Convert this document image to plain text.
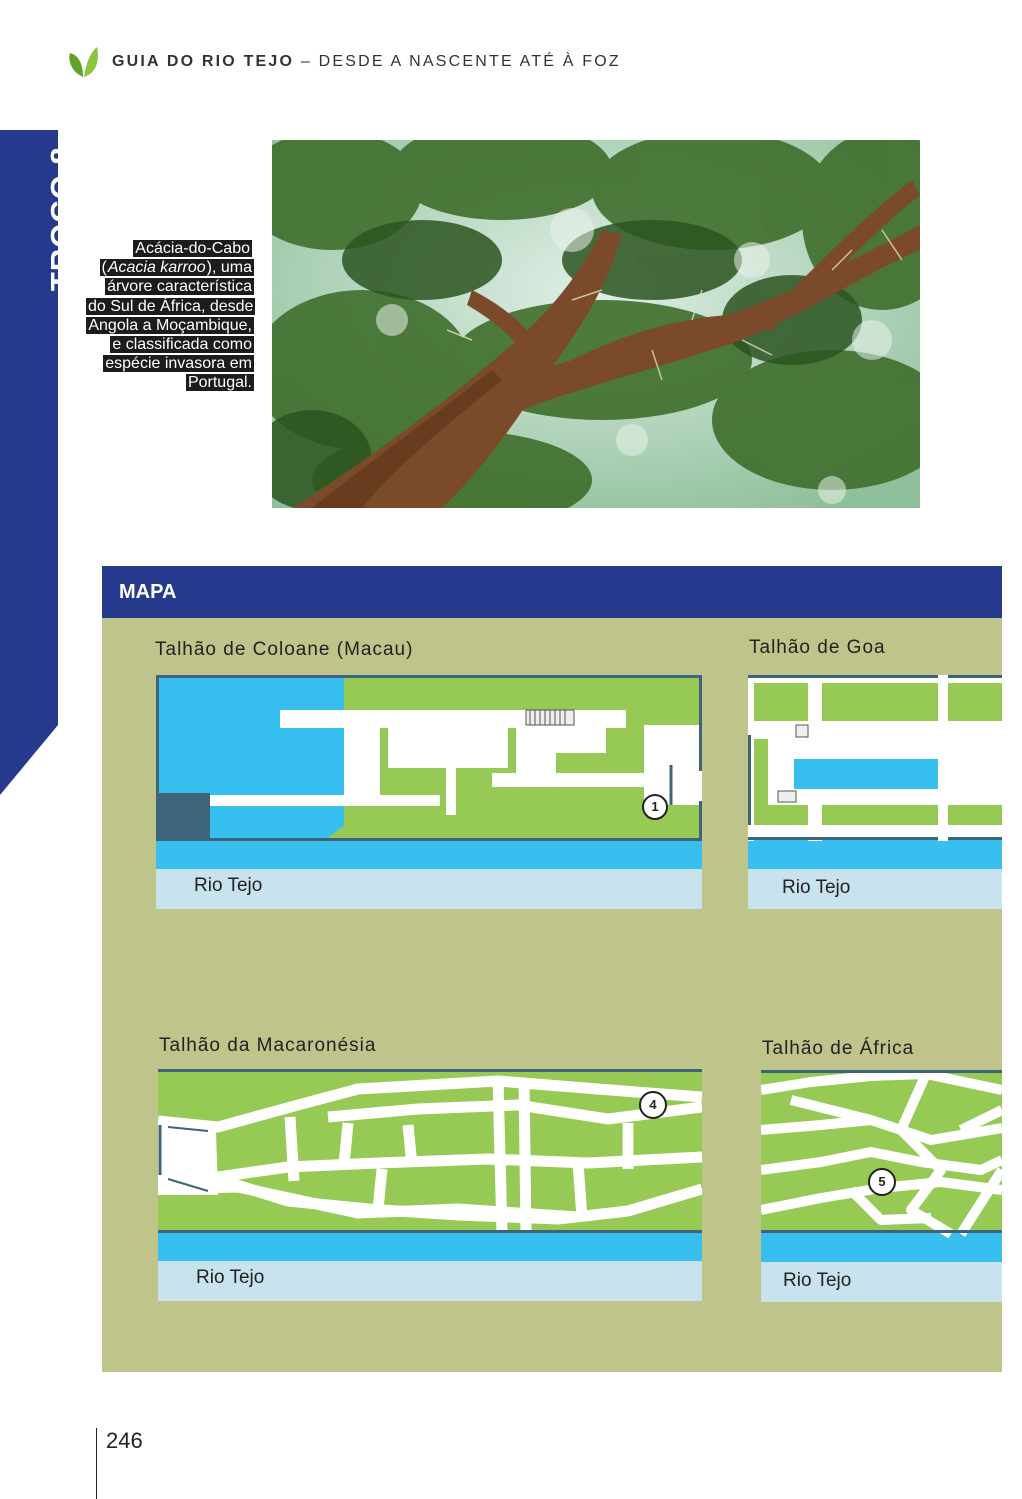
GUIA DO RIO TEJO – DESDE A NASCENTE ATÉ À FOZ
CORREDOR VERDE RIBEIRINHO
TROÇO 8	Acácia-do-Cabo (Acacia karroo), uma árvore característica do Sul de África, desde Angola a Moçambique, e classificada como espécie invasora em Portugal.
MAPA
Talhão de Coloane (Macau)
1
Rio Tejo
Talhão de Goa
Rio Tejo
Talhão da Macaronésia
4
Rio Tejo
Talhão de África
5
Rio Tejo
246
